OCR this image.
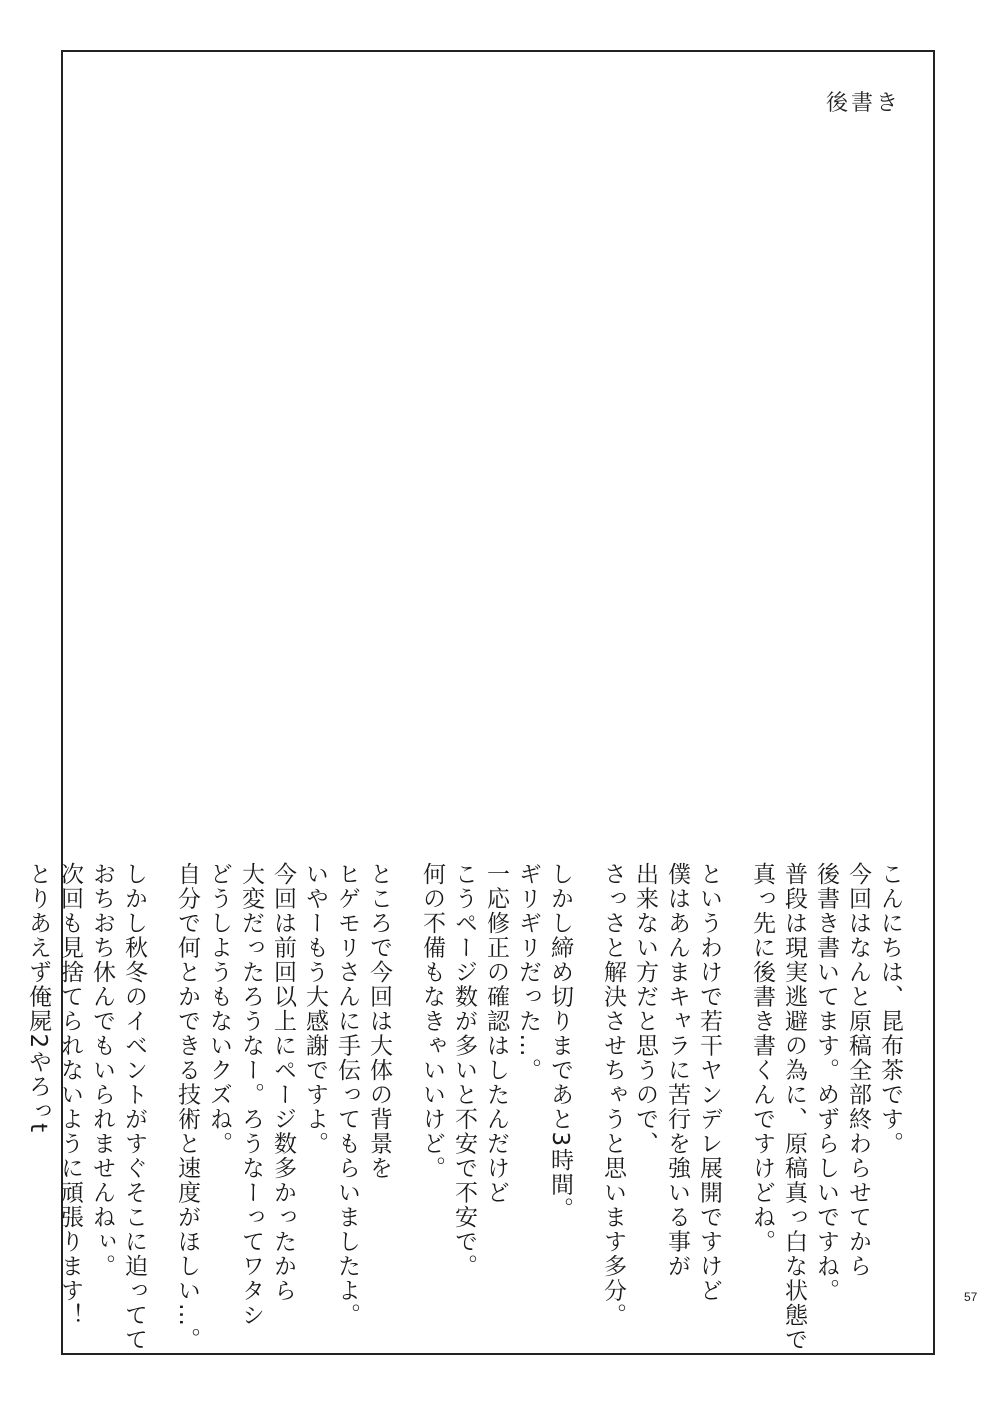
後書き
こんにちは、昆布茶です。
今回はなんと原稿全部終わらせてから
後書き書いてます。めずらしいですね。
普段は現実逃避の為に、原稿真っ白な状態で
真っ先に後書き書くんですけどね。
というわけで若干ヤンデレ展開ですけど
僕はあんまキャラに苦行を強いる事が
出来ない方だと思うので、
さっさと解決させちゃうと思います多分。
しかし締め切りまであと3時間。
ギリギリだった…。
一応修正の確認はしたんだけど
こうページ数が多いと不安で不安で。
何の不備もなきゃいいけど。
ところで今回は大体の背景を
ヒゲモリさんに手伝ってもらいましたよ。
いやーもう大感謝ですよ。
今回は前回以上にページ数多かったから
大変だったろうなー。ろうなーってワタシ
どうしようもないクズね。
自分で何とかできる技術と速度がほしい…。
しかし秋冬のイベントがすぐそこに迫ってて
おちおち休んでもいられませんねぃ。
次回も見捨てられないように頑張ります！
とりあえず俺屍2やろっt
57
